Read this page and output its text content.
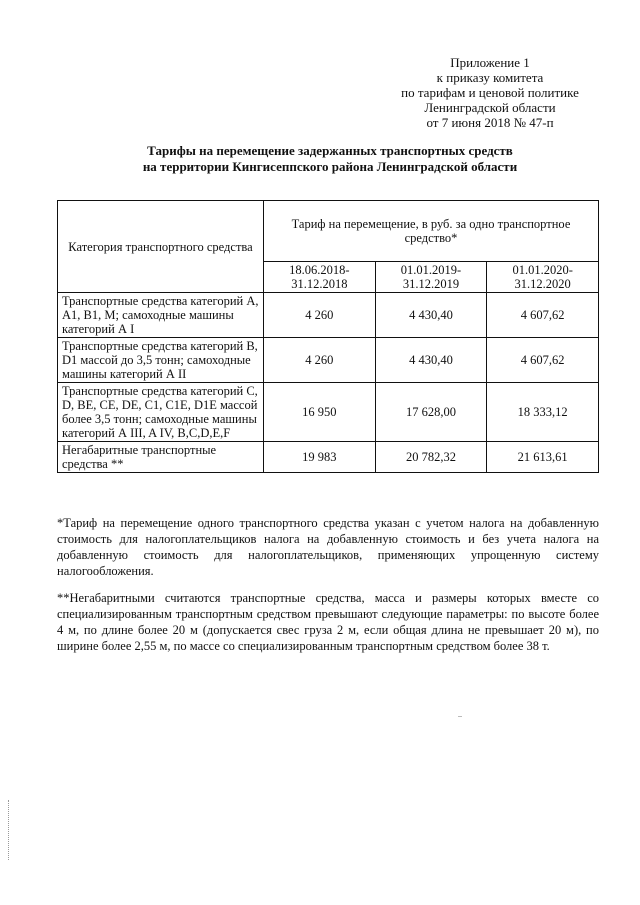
Приложение 1
к приказу комитета
по тарифам и ценовой политике
Ленинградской области
от 7 июня 2018 № 47-п
Тарифы на перемещение задержанных транспортных средств
на территории Кингисеппского района Ленинградской области
Категория транспортного средства	Тариф на перемещение, в руб. за одно транспортное средство*		
	18.06.2018-31.12.2018	01.01.2019-31.12.2019	01.01.2020-31.12.2020
Транспортные средства категорий А, А1, В1, М; самоходные машины категорий А I	4 260	4 430,40	4 607,62
Транспортные средства категорий В, D1 массой до 3,5 тонн; самоходные машины категорий А II	4 260	4 430,40	4 607,62
Транспортные средства категорий С, D, BE, CE, DE, C1, C1E, D1E массой более 3,5 тонн; самоходные машины категорий А III, A IV, B,C,D,E,F	16 950	17 628,00	18 333,12
Негабаритные транспортные средства **	19 983	20 782,32	21 613,61

*Тариф на перемещение одного транспортного средства указан с учетом налога на добавленную стоимость для налогоплательщиков налога на добавленную стоимость и без учета налога на добавленную стоимость для налогоплательщиков, применяющих упрощенную систему налогообложения.

**Негабаритными считаются транспортные средства, масса и размеры которых вместе со специализированным транспортным средством превышают следующие параметры: по высоте более 4 м, по длине более 20 м (допускается свес груза 2 м, если общая длина не превышает 20 м), по ширине более 2,55 м, по массе со специализированным транспортным средством более 38 т.
